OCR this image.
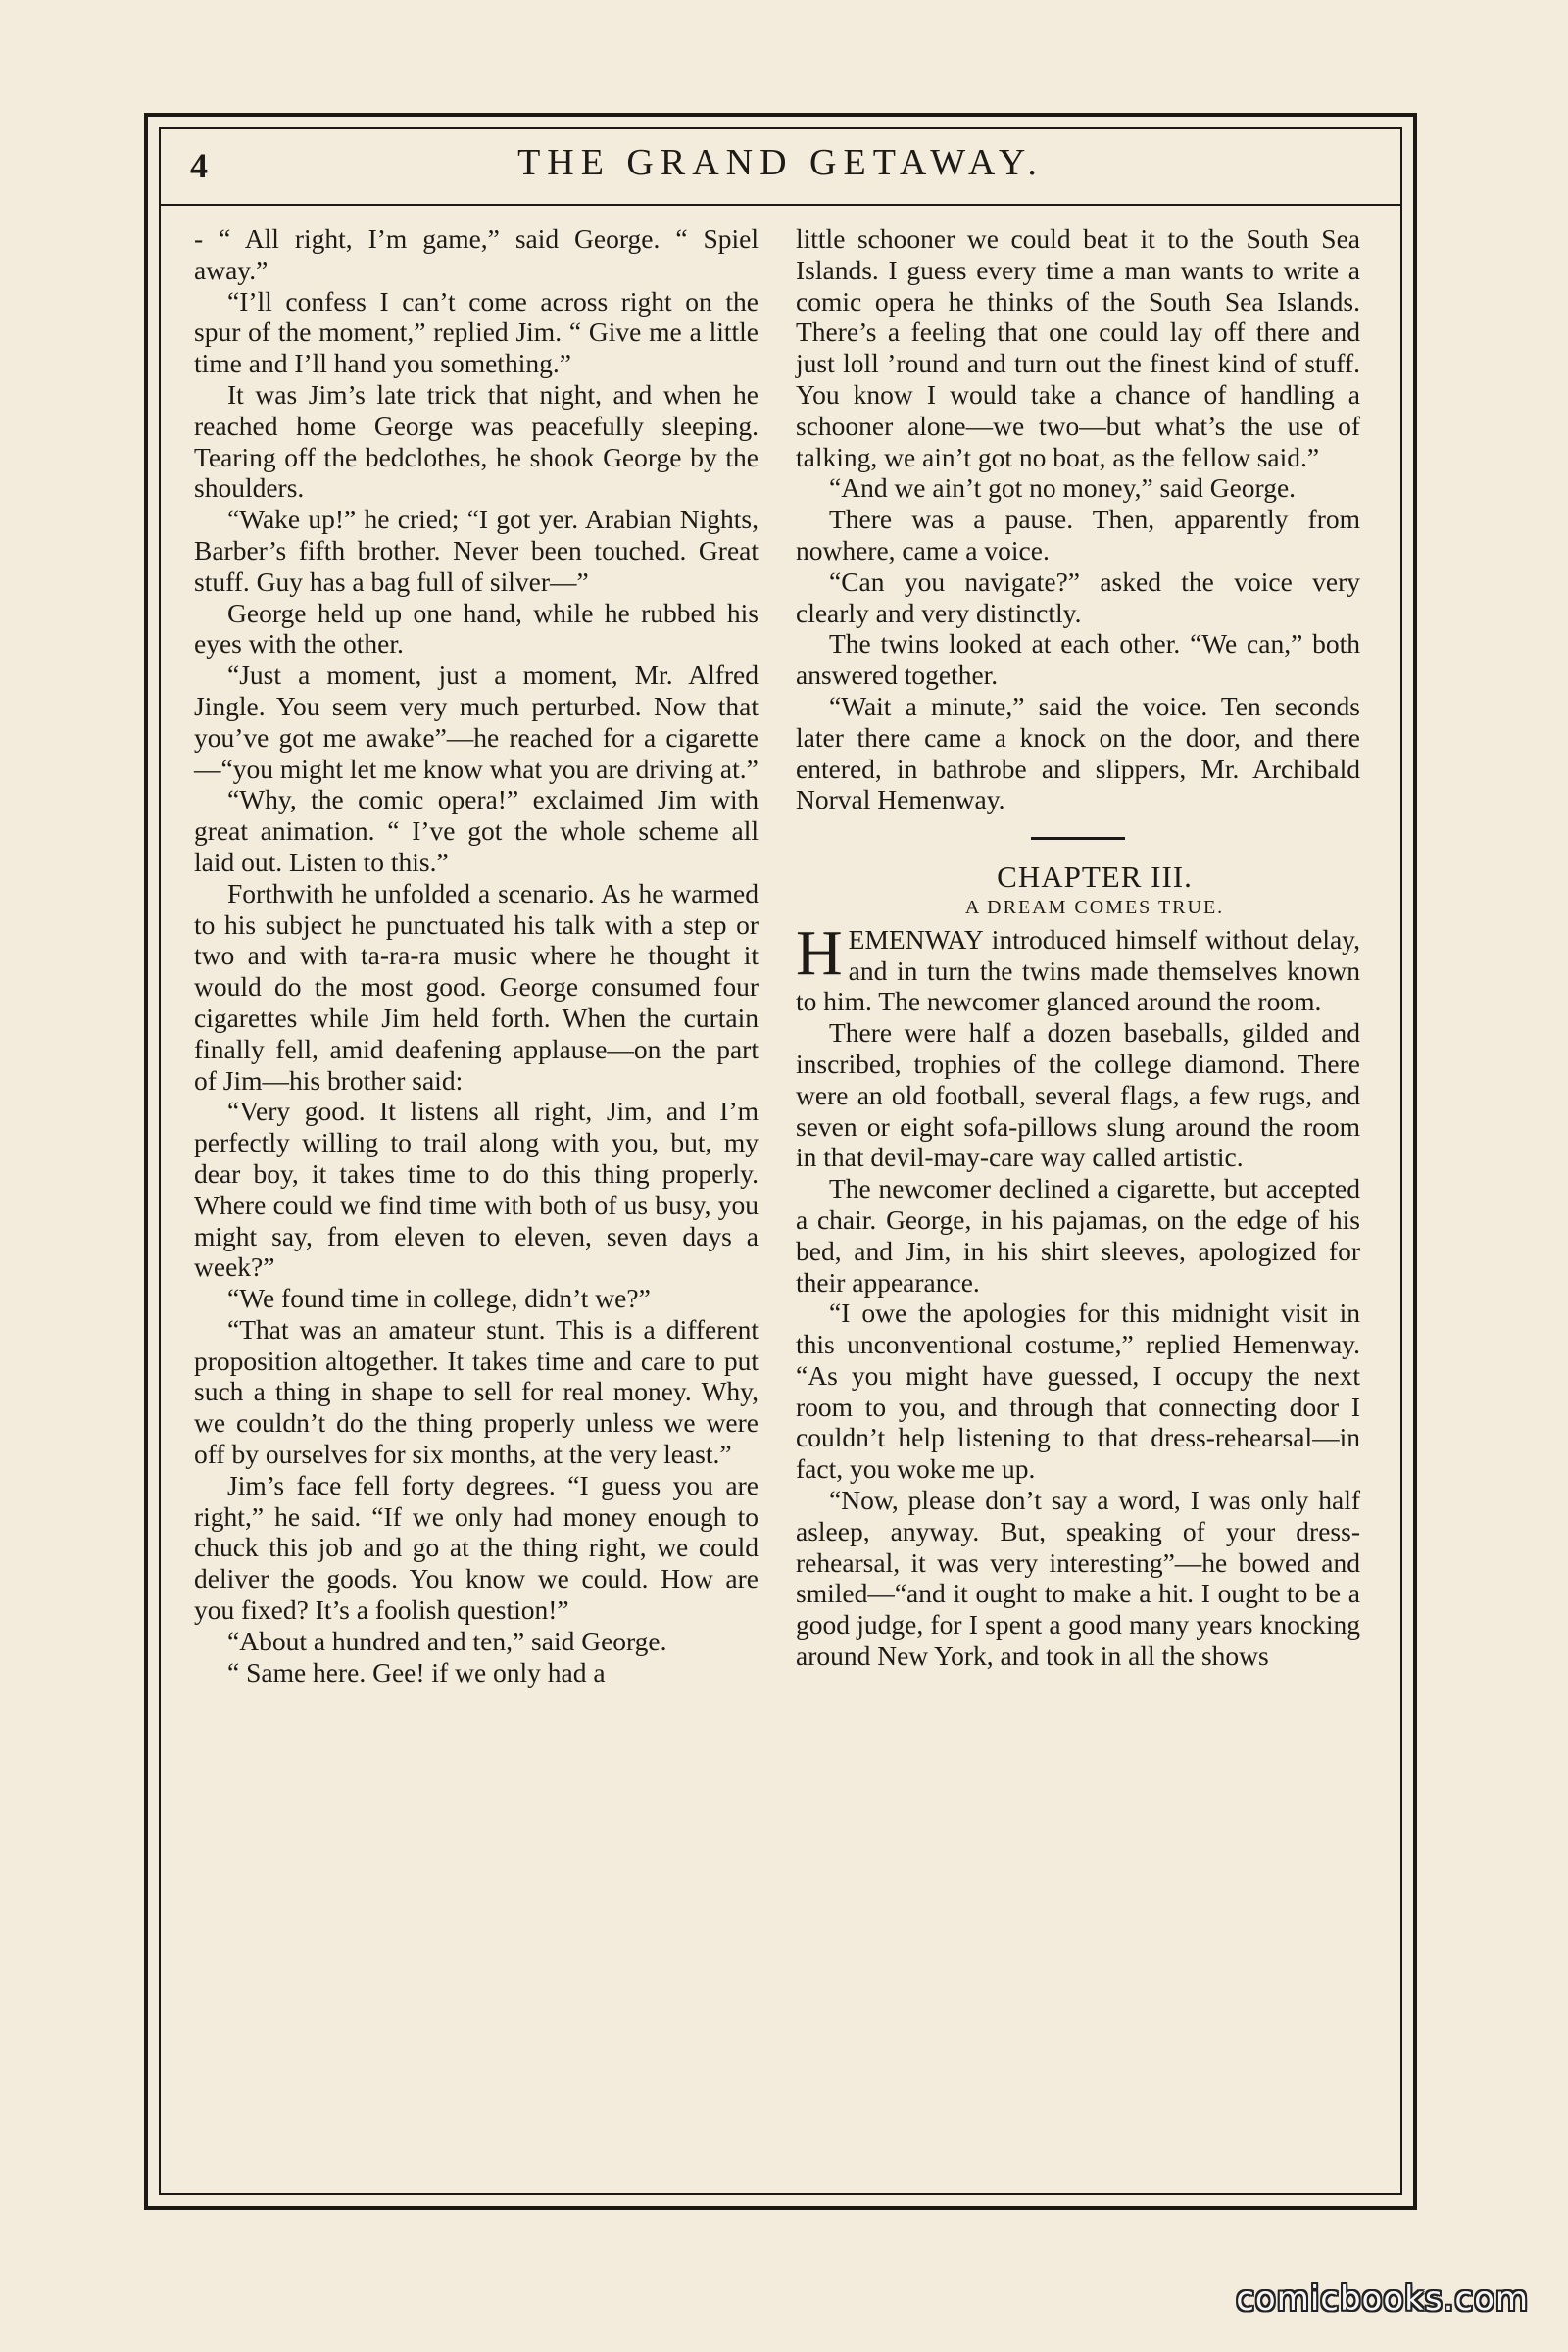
4	THE GRAND GETAWAY.

- “ All right, I’m game,” said George. “ Spiel away.”

“I’ll confess I can’t come across right on the spur of the moment,” replied Jim. “ Give me a little time and I’ll hand you something.”

It was Jim’s late trick that night, and when he reached home George was peacefully sleeping. Tearing off the bedclothes, he shook George by the shoulders.

“Wake up!” he cried; “I got yer. Arabian Nights, Barber’s fifth brother. Never been touched. Great stuff. Guy has a bag full of silver—”

George held up one hand, while he rubbed his eyes with the other.

“Just a moment, just a moment, Mr. Alfred Jingle. You seem very much perturbed. Now that you’ve got me awake”—he reached for a cigarette—“you might let me know what you are driving at.”

“Why, the comic opera!” exclaimed Jim with great animation. “ I’ve got the whole scheme all laid out. Listen to this.”

Forthwith he unfolded a scenario. As he warmed to his subject he punctuated his talk with a step or two and with ta-ra-ra music where he thought it would do the most good. George consumed four cigarettes while Jim held forth. When the curtain finally fell, amid deafening applause—on the part of Jim—his brother said:

“Very good. It listens all right, Jim, and I’m perfectly willing to trail along with you, but, my dear boy, it takes time to do this thing properly. Where could we find time with both of us busy, you might say, from eleven to eleven, seven days a week?”

“We found time in college, didn’t we?”

“That was an amateur stunt. This is a different proposition altogether. It takes time and care to put such a thing in shape to sell for real money. Why, we couldn’t do the thing properly unless we were off by ourselves for six months, at the very least.”

Jim’s face fell forty degrees. “I guess you are right,” he said. “If we only had money enough to chuck this job and go at the thing right, we could deliver the goods. You know we could. How are you fixed? It’s a foolish question!”

“About a hundred and ten,” said George.

“ Same here. Gee! if we only had a

little schooner we could beat it to the South Sea Islands. I guess every time a man wants to write a comic opera he thinks of the South Sea Islands. There’s a feeling that one could lay off there and just loll ’round and turn out the finest kind of stuff. You know I would take a chance of handling a schooner alone—we two—but what’s the use of talking, we ain’t got no boat, as the fellow said.”

“And we ain’t got no money,” said George.

There was a pause. Then, apparently from nowhere, came a voice.

“Can you navigate?” asked the voice very clearly and very distinctly.

The twins looked at each other. “We can,” both answered together.

“Wait a minute,” said the voice. Ten seconds later there came a knock on the door, and there entered, in bathrobe and slippers, Mr. Archibald Norval Hemenway.

CHAPTER III.

A DREAM COMES TRUE.

HEMENWAY introduced himself without delay, and in turn the twins made themselves known to him. The newcomer glanced around the room.

There were half a dozen baseballs, gilded and inscribed, trophies of the college diamond. There were an old football, several flags, a few rugs, and seven or eight sofa-pillows slung around the room in that devil-may-care way called artistic.

The newcomer declined a cigarette, but accepted a chair. George, in his pajamas, on the edge of his bed, and Jim, in his shirt sleeves, apologized for their appearance.

“I owe the apologies for this midnight visit in this unconventional costume,” replied Hemenway. “As you might have guessed, I occupy the next room to you, and through that connecting door I couldn’t help listening to that dress-rehearsal—in fact, you woke me up.

“Now, please don’t say a word, I was only half asleep, anyway. But, speaking of your dress-rehearsal, it was very interesting”—he bowed and smiled—“and it ought to make a hit. I ought to be a good judge, for I spent a good many years knocking around New York, and took in all the shows

comicbooks.com
